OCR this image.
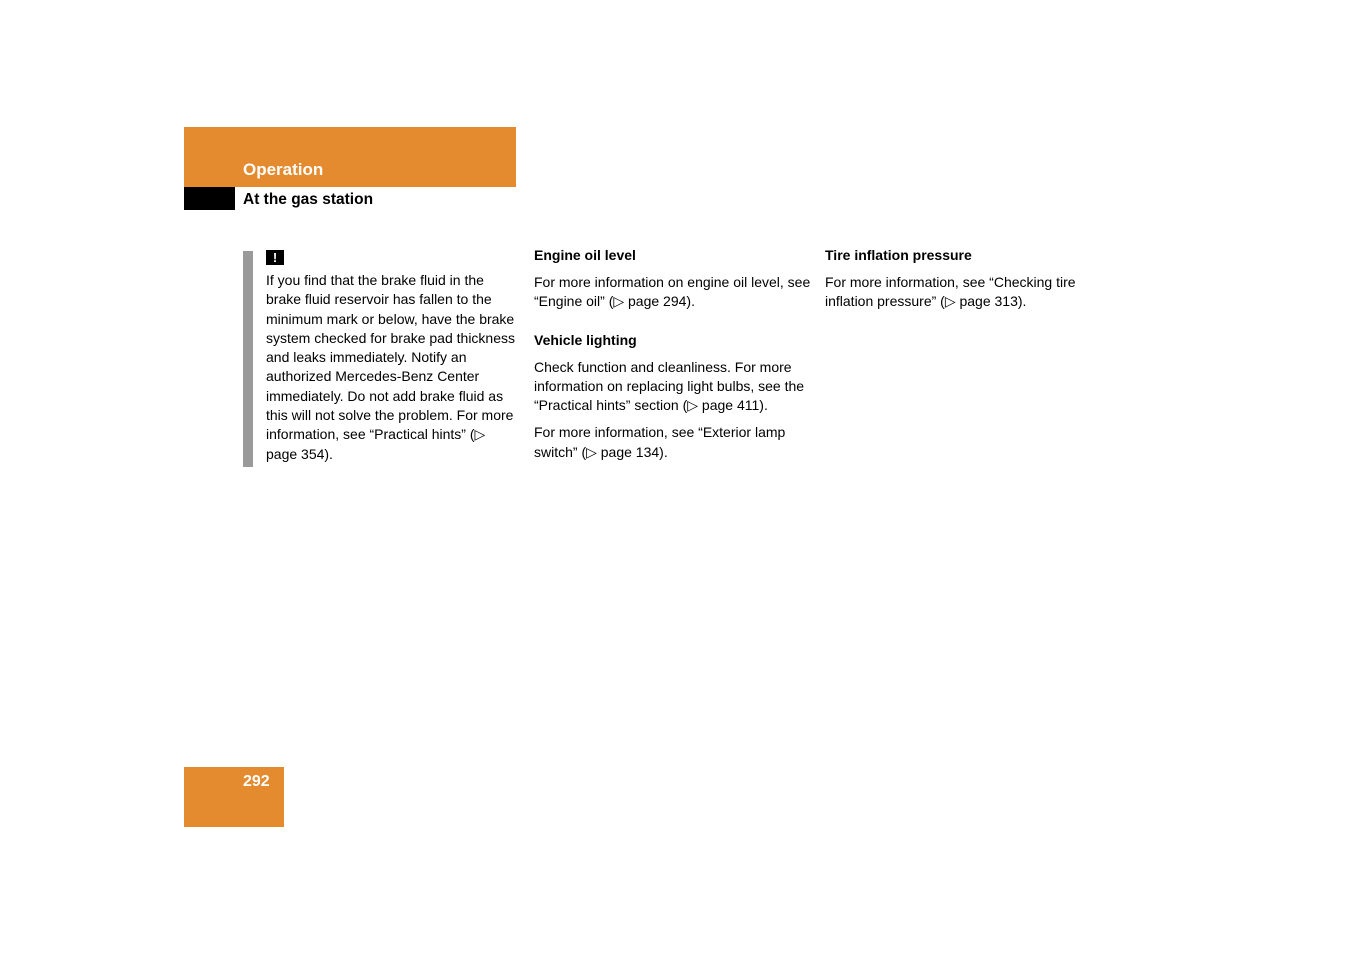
Operation
At the gas station
!

If you find that the brake fluid in the brake fluid reservoir has fallen to the minimum mark or below, have the brake system checked for brake pad thickness and leaks immediately. Notify an authorized Mercedes-Benz Center immediately. Do not add brake fluid as this will not solve the problem. For more information, see “Practical hints” (▷ page 354).

Engine oil level

For more information on engine oil level, see “Engine oil” (▷ page 294).

Vehicle lighting

Check function and cleanliness. For more information on replacing light bulbs, see the “Practical hints” section (▷ page 411).

For more information, see “Exterior lamp switch” (▷ page 134).

Tire inflation pressure

For more information, see “Checking tire inflation pressure” (▷ page 313).

292
